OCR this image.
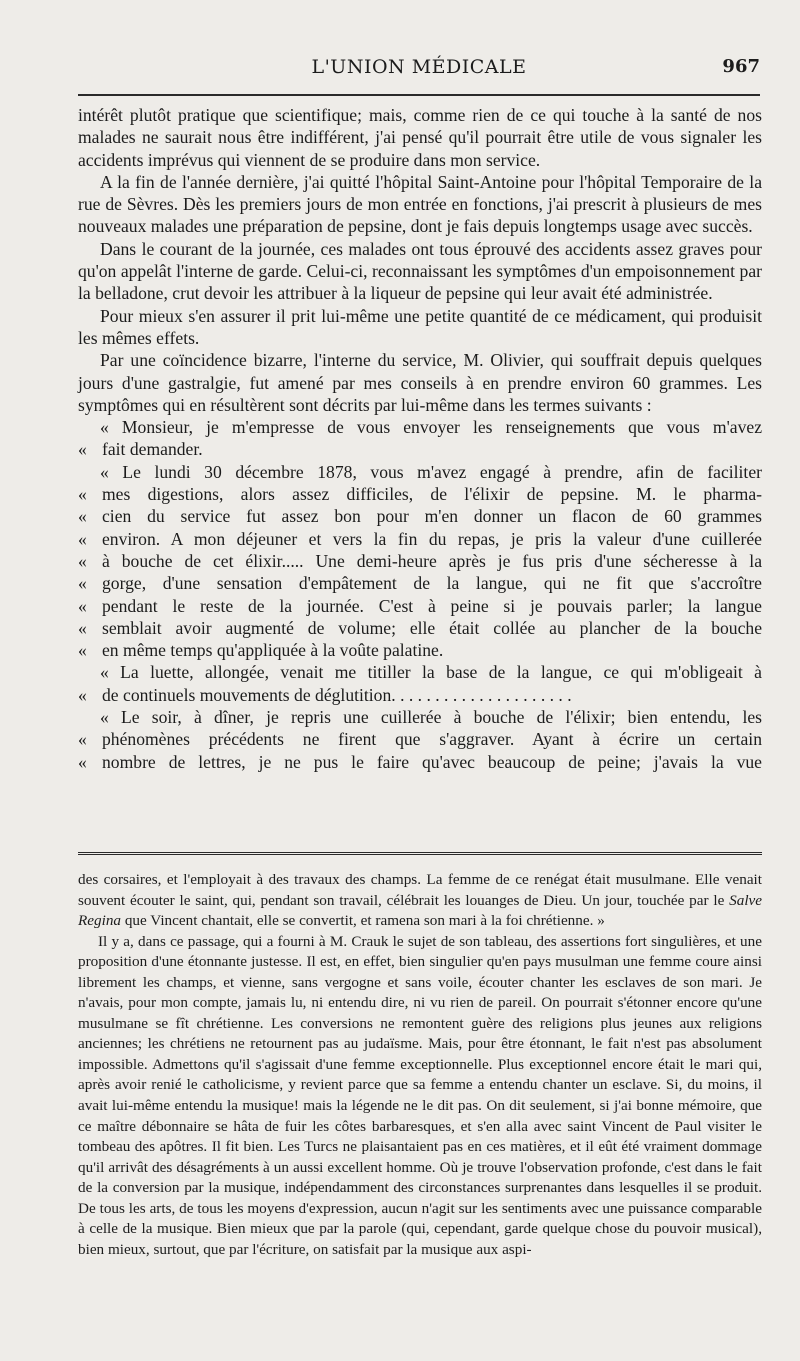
L'UNION MÉDICALE	967

intérêt plutôt pratique que scientifique; mais, comme rien de ce qui touche à la santé de nos malades ne saurait nous être indifférent, j'ai pensé qu'il pourrait être utile de vous signaler les accidents imprévus qui viennent de se produire dans mon service.

A la fin de l'année dernière, j'ai quitté l'hôpital Saint-Antoine pour l'hôpital Temporaire de la rue de Sèvres. Dès les premiers jours de mon entrée en fonctions, j'ai prescrit à plusieurs de mes nouveaux malades une préparation de pepsine, dont je fais depuis longtemps usage avec succès.

Dans le courant de la journée, ces malades ont tous éprouvé des accidents assez graves pour qu'on appelât l'interne de garde. Celui-ci, reconnaissant les symptômes d'un empoisonnement par la belladone, crut devoir les attribuer à la liqueur de pepsine qui leur avait été administrée.

Pour mieux s'en assurer il prit lui-même une petite quantité de ce médicament, qui produisit les mêmes effets.

Par une coïncidence bizarre, l'interne du service, M. Olivier, qui souffrait depuis quelques jours d'une gastralgie, fut amené par mes conseils à en prendre environ 60 grammes. Les symptômes qui en résultèrent sont décrits par lui-même dans les termes suivants :

« Monsieur, je m'empresse de vous envoyer les renseignements que vous m'avez
« fait demander.
« Le lundi 30 décembre 1878, vous m'avez engagé à prendre, afin de faciliter
« mes digestions, alors assez difficiles, de l'élixir de pepsine. M. le pharma-
« cien du service fut assez bon pour m'en donner un flacon de 60 grammes
« environ. A mon déjeuner et vers la fin du repas, je pris la valeur d'une cuillerée
« à bouche de cet élixir..... Une demi-heure après je fus pris d'une sécheresse à la
« gorge, d'une sensation d'empâtement de la langue, qui ne fit que s'accroître
« pendant le reste de la journée. C'est à peine si je pouvais parler; la langue
« semblait avoir augmenté de volume; elle était collée au plancher de la bouche
« en même temps qu'appliquée à la voûte palatine.
« La luette, allongée, venait me titiller la base de la langue, ce qui m'obligeait à
« de continuels mouvements de déglutition. . . . . . . . . . . . . . . . . . . . .
« Le soir, à dîner, je repris une cuillerée à bouche de l'élixir; bien entendu, les
« phénomènes précédents ne firent que s'aggraver. Ayant à écrire un certain
« nombre de lettres, je ne pus le faire qu'avec beaucoup de peine; j'avais la vue

des corsaires, et l'employait à des travaux des champs. La femme de ce renégat était musulmane. Elle venait souvent écouter le saint, qui, pendant son travail, célébrait les louanges de Dieu. Un jour, touchée par le Salve Regina que Vincent chantait, elle se convertit, et ramena son mari à la foi chrétienne. »

Il y a, dans ce passage, qui a fourni à M. Crauk le sujet de son tableau, des assertions fort singulières, et une proposition d'une étonnante justesse. Il est, en effet, bien singulier qu'en pays musulman une femme coure ainsi librement les champs, et vienne, sans vergogne et sans voile, écouter chanter les esclaves de son mari. Je n'avais, pour mon compte, jamais lu, ni entendu dire, ni vu rien de pareil. On pourrait s'étonner encore qu'une musulmane se fît chrétienne. Les conversions ne remontent guère des religions plus jeunes aux religions anciennes; les chrétiens ne retournent pas au judaïsme. Mais, pour être étonnant, le fait n'est pas absolument impossible. Admettons qu'il s'agissait d'une femme exceptionnelle. Plus exceptionnel encore était le mari qui, après avoir renié le catholicisme, y revient parce que sa femme a entendu chanter un esclave. Si, du moins, il avait lui-même entendu la musique! mais la légende ne le dit pas. On dit seulement, si j'ai bonne mémoire, que ce maître débonnaire se hâta de fuir les côtes barbaresques, et s'en alla avec saint Vincent de Paul visiter le tombeau des apôtres. Il fit bien. Les Turcs ne plaisantaient pas en ces matières, et il eût été vraiment dommage qu'il arrivât des désagréments à un aussi excellent homme. Où je trouve l'observation profonde, c'est dans le fait de la conversion par la musique, indépendamment des circonstances surprenantes dans lesquelles il se produit. De tous les arts, de tous les moyens d'expression, aucun n'agit sur les sentiments avec une puissance comparable à celle de la musique. Bien mieux que par la parole (qui, cependant, garde quelque chose du pouvoir musical), bien mieux, surtout, que par l'écriture, on satisfait par la musique aux aspi-
